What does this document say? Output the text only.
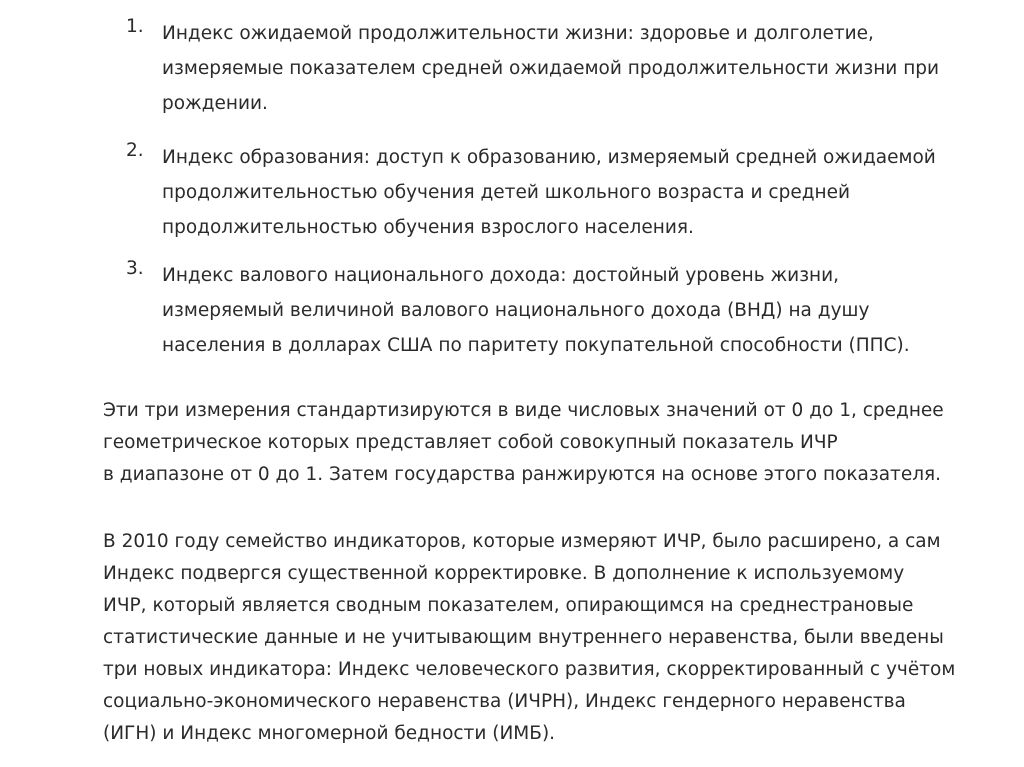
1. Индекс ожидаемой продолжительности жизни: здоровье и долголетие,
измеряемые показателем средней ожидаемой продолжительности жизни при
рождении.
2. Индекс образования: доступ к образованию, измеряемый средней ожидаемой
продолжительностью обучения детей школьного возраста и средней
продолжительностью обучения взрослого населения.
3. Индекс валового национального дохода: достойный уровень жизни,
измеряемый величиной валового национального дохода (ВНД) на душу
населения в долларах США по паритету покупательной способности (ППС).
Эти три измерения стандартизируются в виде числовых значений от 0 до 1, среднее
геометрическое которых представляет собой совокупный показатель ИЧР
в диапазоне от 0 до 1. Затем государства ранжируются на основе этого показателя.
В 2010 году семейство индикаторов, которые измеряют ИЧР, было расширено, а сам
Индекс подвергся существенной корректировке. В дополнение к используемому
ИЧР, который является сводным показателем, опирающимся на среднестрановые
статистические данные и не учитывающим внутреннего неравенства, были введены
три новых индикатора: Индекс человеческого развития, скорректированный с учётом
социально-экономического неравенства (ИЧРН), Индекс гендерного неравенства
(ИГН) и Индекс многомерной бедности (ИМБ).
